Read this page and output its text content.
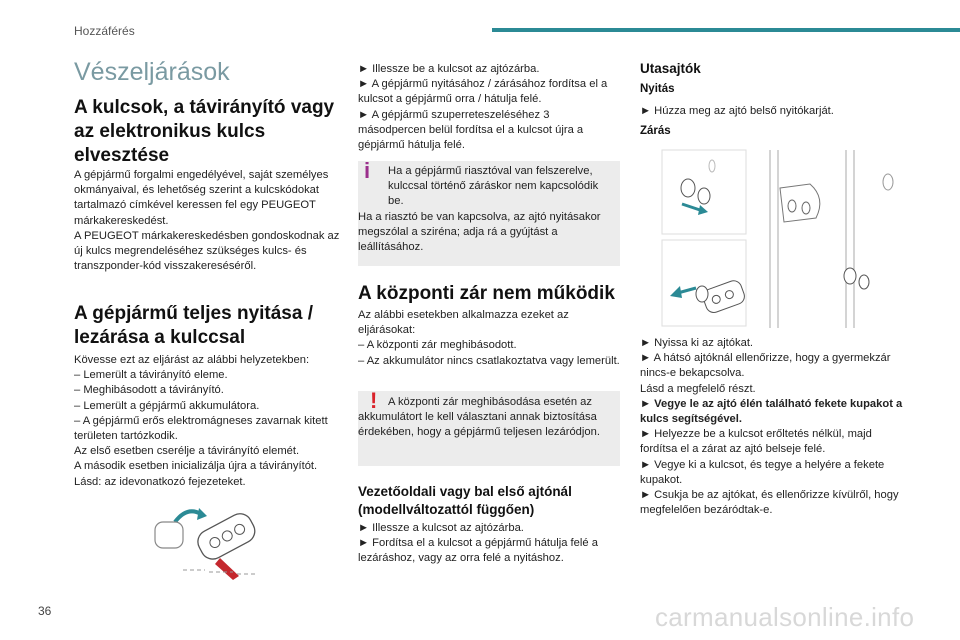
Hozzáférés
Vészeljárások
A kulcsok, a távirányító vagy az elektronikus kulcs elvesztése

A gépjármű forgalmi engedélyével, saját személyes okmányaival, és lehetőség szerint a kulcskódokat tartalmazó címkével keressen fel egy PEUGEOT márkakereskedést.

A PEUGEOT márkakereskedésben gondoskodnak az új kulcs megrendeléséhez szükséges kulcs- és transzponder-kód visszakereséséről.

A gépjármű teljes nyitása / lezárása a kulccsal

Kövesse ezt az eljárást az alábbi helyzetekben:

– Lemerült a távirányító eleme.

– Meghibásodott a távirányító.

– Lemerült a gépjármű akkumulátora.

– A gépjármű erős elektromágneses zavarnak kitett területen tartózkodik.

Az első esetben cserélje a távirányító elemét.

A második esetben inicializálja újra a távirányítót.

Lásd: az idevonatkozó fejezeteket.

► Illessze be a kulcsot az ajtózárba.

► A gépjármű nyitásához / zárásához fordítsa el a kulcsot a gépjármű orra / hátulja felé.

► A gépjármű szuperreteszeléséhez 3 másodpercen belül fordítsa el a kulcsot újra a gépjármű hátulja felé.

i	Ha a gépjármű riasztóval van felszerelve, kulccsal történő záráskor nem kapcsolódik be.

Ha a riasztó be van kapcsolva, az ajtó nyitásakor megszólal a sziréna; adja rá a gyújtást a leállításához.

A központi zár nem működik

Az alábbi esetekben alkalmazza ezeket az eljárásokat:

– A központi zár meghibásodott.

– Az akkumulátor nincs csatlakoztatva vagy lemerült.

! A központi zár meghibásodása esetén az akkumulátort le kell választani annak biztosítása érdekében, hogy a gépjármű teljesen lezáródjon.
Vezetőoldali vagy bal első ajtónál (modellváltozattól függően)

► Illessze a kulcsot az ajtózárba.

► Fordítsa el a kulcsot a gépjármű hátulja felé a lezáráshoz, vagy az orra felé a nyitáshoz.

Utasajtók
Nyitás
► Húzza meg az ajtó belső nyitókarját.
Zárás

► Nyissa ki az ajtókat.

► A hátsó ajtóknál ellenőrizze, hogy a gyermekzár nincs-e bekapcsolva.

Lásd a megfelelő részt.

► Vegye le az ajtó élén található fekete kupakot a kulcs segítségével.

► Helyezze be a kulcsot erőltetés nélkül, majd fordítsa el a zárat az ajtó belseje felé.

► Vegye ki a kulcsot, és tegye a helyére a fekete kupakot.

► Csukja be az ajtókat, és ellenőrizze kívülről, hogy megfelelően bezáródtak-e.

36	carmanualsonline.info
